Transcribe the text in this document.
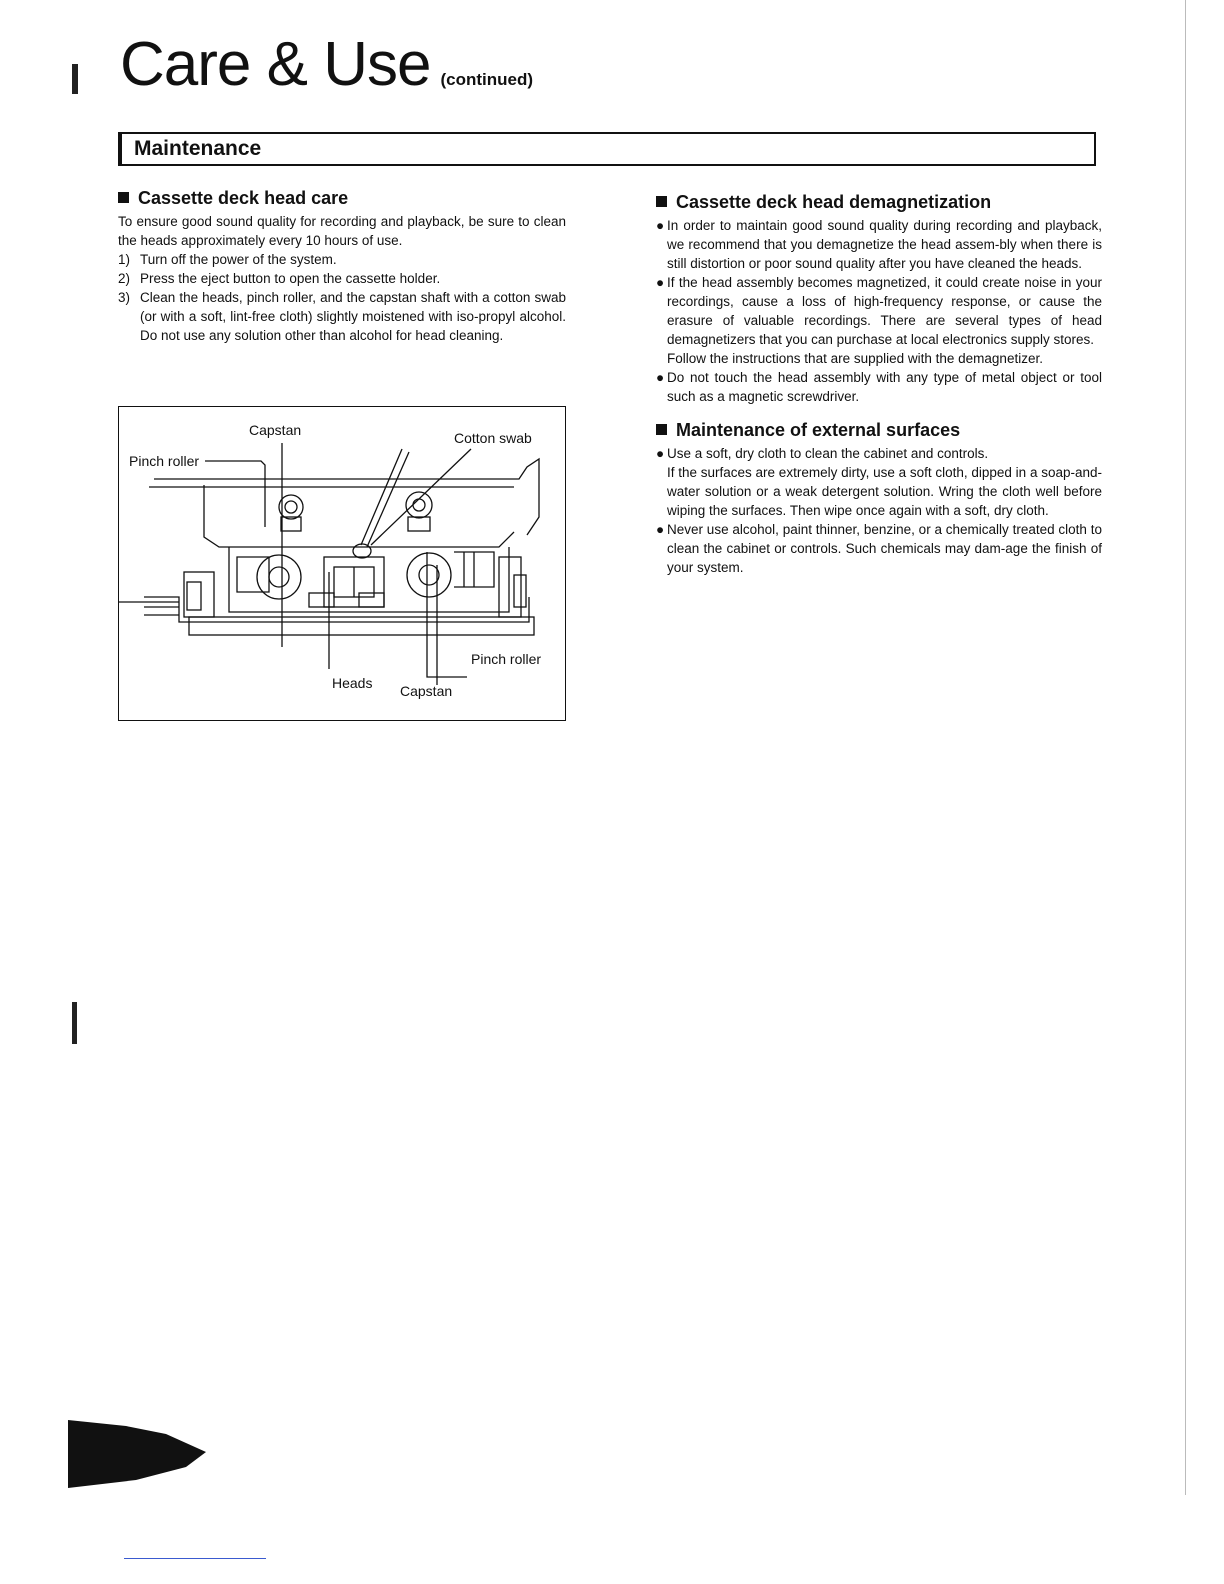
Care & Use (continued)
Maintenance
Cassette deck head care

To ensure good sound quality for recording and playback, be sure to clean the heads approximately every 10 hours of use.

1) Turn off the power of the system.
2) Press the eject button to open the cassette holder.
3) Clean the heads, pinch roller, and the capstan shaft with a cotton swab (or with a soft, lint-free cloth) slightly moistened with iso-propyl alcohol. Do not use any solution other than alcohol for head cleaning.
Capstan	Cotton swab
Pinch roller
Pinch roller
Heads Capstan
Cassette deck head demagnetization
● In order to maintain good sound quality during recording and playback, we recommend that you demagnetize the head assem-bly when there is still distortion or poor sound quality after you have cleaned the heads.
● If the head assembly becomes magnetized, it could create noise in your recordings, cause a loss of high-frequency response, or cause the erasure of valuable recordings. There are several types of head demagnetizers that you can purchase at local electronics supply stores.

Follow the instructions that are supplied with the demagnetizer.

● Do not touch the head assembly with any type of metal object or tool such as a magnetic screwdriver.
Maintenance of external surfaces
● Use a soft, dry cloth to clean the cabinet and controls.

If the surfaces are extremely dirty, use a soft cloth, dipped in a soap-and-water solution or a weak detergent solution. Wring the cloth well before wiping the surfaces. Then wipe once again with a soft, dry cloth.

● Never use alcohol, paint thinner, benzine, or a chemically treated cloth to clean the cabinet or controls. Such chemicals may dam-age the finish of your system.
